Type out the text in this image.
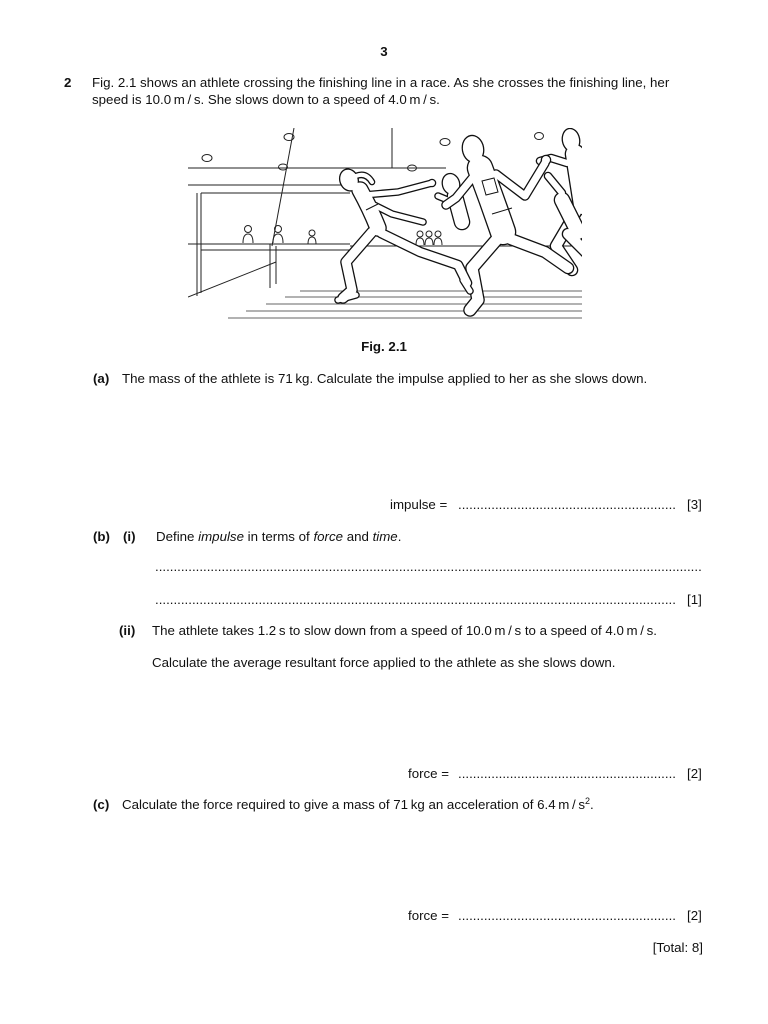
3
2 Fig. 2.1 shows an athlete crossing the finishing line in a race. As she crosses the finishing line, her
speed is 10.0 m / s. She slows down to a speed of 4.0 m / s.
Fig. 2.1
(a) The mass of the athlete is 71 kg. Calculate the impulse applied to her as she slows down.
impulse = ........................................................... [3]
(b) (i) Define impulse in terms of force and time.
....................................................................................................................................................
............................................................................................................................................. [1]
(ii) The athlete takes 1.2 s to slow down from a speed of 10.0 m / s to a speed of 4.0 m / s.
Calculate the average resultant force applied to the athlete as she slows down.
force = ........................................................... [2]
(c) Calculate the force required to give a mass of 71 kg an acceleration of 6.4 m / $s^2$.
force = ........................................................... [2]
[Total: 8]
